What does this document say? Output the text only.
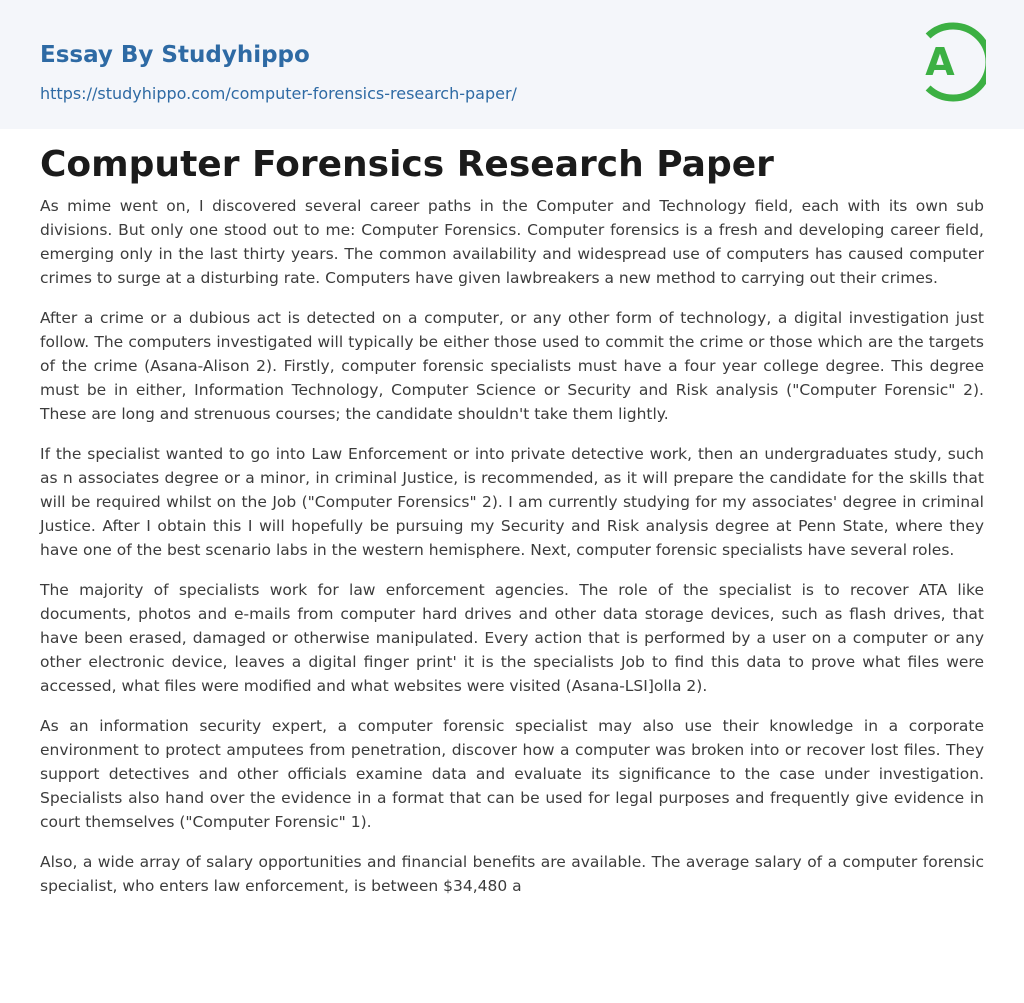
Essay By Studyhippo
https://studyhippo.com/computer-forensics-research-paper/
A
Computer Forensics Research Paper

As mime went on, I discovered several career paths in the Computer and Technology field, each with its own sub divisions. But only one stood out to me: Computer Forensics. Computer forensics is a fresh and developing career field, emerging only in the last thirty years. The common availability and widespread use of computers has caused computer crimes to surge at a disturbing rate. Computers have given lawbreakers a new method to carrying out their crimes.

After a crime or a dubious act is detected on a computer, or any other form of technology, a digital investigation just follow. The computers investigated will typically be either those used to commit the crime or those which are the targets of the crime (Asana-Alison 2). Firstly, computer forensic specialists must have a four year college degree. This degree must be in either, Information Technology, Computer Science or Security and Risk analysis ("Computer Forensic" 2). These are long and strenuous courses; the candidate shouldn't take them lightly.

If the specialist wanted to go into Law Enforcement or into private detective work, then an undergraduates study, such as n associates degree or a minor, in criminal Justice, is recommended, as it will prepare the candidate for the skills that will be required whilst on the Job ("Computer Forensics" 2). I am currently studying for my associates' degree in criminal Justice. After I obtain this I will hopefully be pursuing my Security and Risk analysis degree at Penn State, where they have one of the best scenario labs in the western hemisphere. Next, computer forensic specialists have several roles.

The majority of specialists work for law enforcement agencies. The role of the specialist is to recover ATA like documents, photos and e-mails from computer hard drives and other data storage devices, such as flash drives, that have been erased, damaged or otherwise manipulated. Every action that is performed by a user on a computer or any other electronic device, leaves a digital finger print' it is the specialists Job to find this data to prove what files were accessed, what files were modified and what websites were visited (Asana-LSI]olla 2).

As an information security expert, a computer forensic specialist may also use their knowledge in a corporate environment to protect amputees from penetration, discover how a computer was broken into or recover lost files. They support detectives and other officials examine data and evaluate its significance to the case under investigation. Specialists also hand over the evidence in a format that can be used for legal purposes and frequently give evidence in court themselves ("Computer Forensic" 1).

Also, a wide array of salary opportunities and financial benefits are available. The average salary of a computer forensic specialist, who enters law enforcement, is between $34,480 a
